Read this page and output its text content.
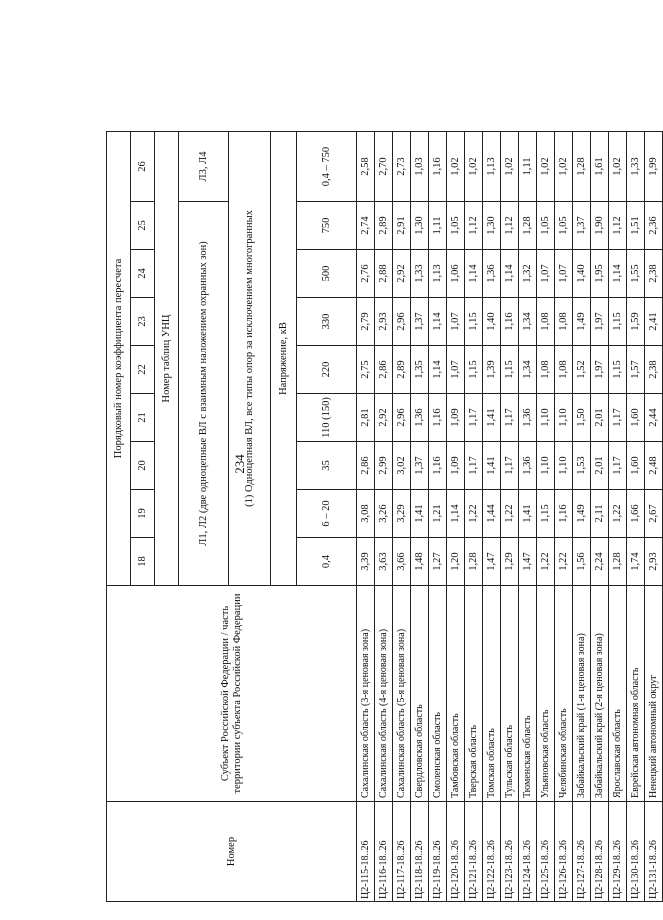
234
Номер	Субъект Российской Федерации / часть территории субъекта Российской Федерации	Порядковый номер коэффициента пересчета								
		18	19	20	21	22	23	24	25	26
		Номер таблиц УНЦ								
		Л1, Л2 (две одноцепные ВЛ с взаимным наложением охранных зон)								Л3, Л4
		(1) Одноцепная ВЛ, все типы опор за исключением многогранных								
		Напряжение, кВ								
		0,4	6 – 20	35	110 (150)	220	330	500	750	0,4 – 750
Ц2-115-18..26	Сахалинская область (3-я ценовая зона)	3,39	3,08	2,86	2,81	2,75	2,79	2,76	2,74	2,58
Ц2-116-18..26	Сахалинская область (4-я ценовая зона)	3,63	3,26	2,99	2,92	2,86	2,93	2,88	2,89	2,70
Ц2-117-18..26	Сахалинская область (5-я ценовая зона)	3,66	3,29	3,02	2,96	2,89	2,96	2,92	2,91	2,73
Ц2-118-18..26	Свердловская область	1,48	1,41	1,37	1,36	1,35	1,37	1,33	1,30	1,03
Ц2-119-18..26	Смоленская область	1,27	1,21	1,16	1,16	1,14	1,14	1,13	1,11	1,16
Ц2-120-18..26	Тамбовская область	1,20	1,14	1,09	1,09	1,07	1,07	1,06	1,05	1,02
Ц2-121-18..26	Тверская область	1,28	1,22	1,17	1,17	1,15	1,15	1,14	1,12	1,02
Ц2-122-18..26	Томская область	1,47	1,44	1,41	1,41	1,39	1,40	1,36	1,30	1,13
Ц2-123-18..26	Тульская область	1,29	1,22	1,17	1,17	1,15	1,16	1,14	1,12	1,02
Ц2-124-18..26	Тюменская область	1,47	1,41	1,36	1,36	1,34	1,34	1,32	1,28	1,11
Ц2-125-18..26	Ульяновская область	1,22	1,15	1,10	1,10	1,08	1,08	1,07	1,05	1,02
Ц2-126-18..26	Челябинская область	1,22	1,16	1,10	1,10	1,08	1,08	1,07	1,05	1,02
Ц2-127-18..26	Забайкальский край (1-я ценовая зона)	1,56	1,49	1,53	1,50	1,52	1,49	1,40	1,37	1,28
Ц2-128-18..26	Забайкальский край (2-я ценовая зона)	2,24	2,11	2,01	2,01	1,97	1,97	1,95	1,90	1,61
Ц2-129-18..26	Ярославская область	1,28	1,22	1,17	1,17	1,15	1,15	1,14	1,12	1,02
Ц2-130-18..26	Еврейская автономная область	1,74	1,66	1,60	1,60	1,57	1,59	1,55	1,51	1,33
Ц2-131-18..26	Ненецкий автономный округ	2,93	2,67	2,48	2,44	2,38	2,41	2,38	2,36	1,99
